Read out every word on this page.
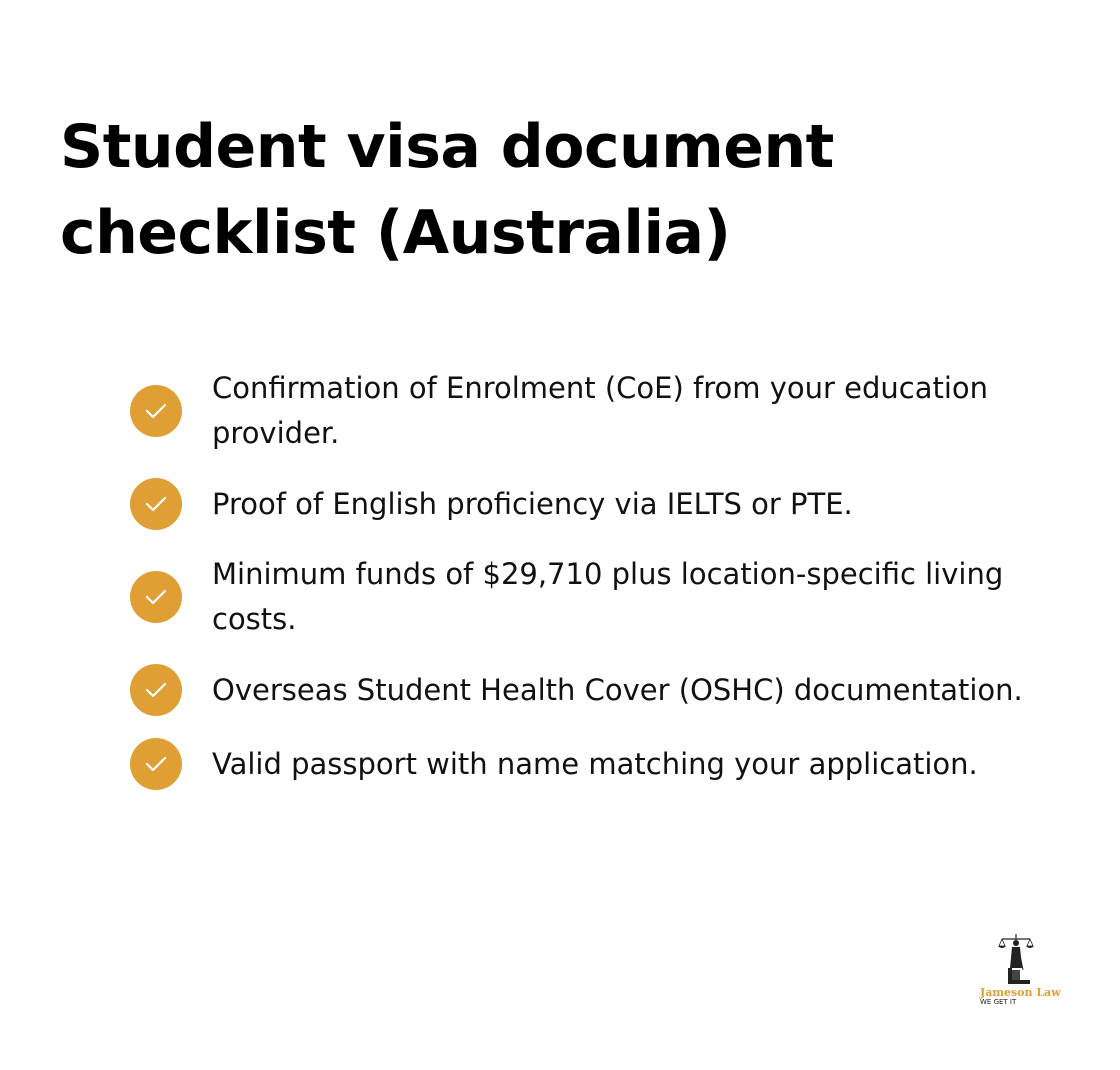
Student visa document checklist (Australia)
Confirmation of Enrolment (CoE) from your education provider.
Proof of English proficiency via IELTS or PTE.
Minimum funds of $29,710 plus location-specific living costs.
Overseas Student Health Cover (OSHC) documentation.
Valid passport with name matching your application.
Jameson Law
WE GET IT
